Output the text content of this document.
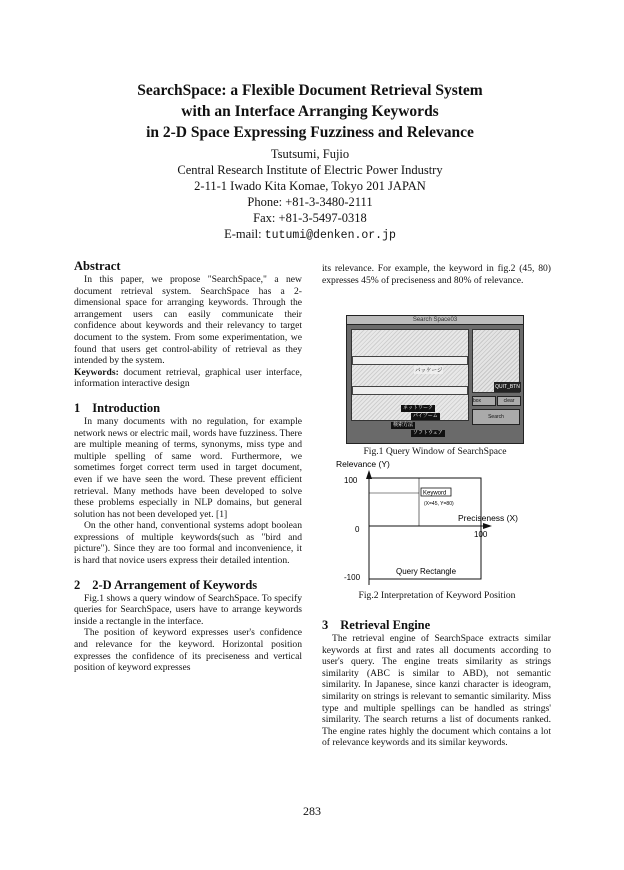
SearchSpace: a Flexible Document Retrieval System
with an Interface Arranging Keywords
in 2-D Space Expressing Fuzziness and Relevance
Tsutsumi, Fujio
Central Research Institute of Electric Power Industry
2-11-1 Iwado Kita Komae, Tokyo 201 JAPAN
Phone: +81-3-3480-2111
Fax: +81-3-5497-0318
E-mail: tutumi@denken.or.jp
Abstract

In this paper, we propose "SearchSpace," a new document retrieval system. SearchSpace has a 2-dimensional space for arranging keywords. Through the arrangement users can easily communicate their confidence about keywords and their relevancy to target document to the system. From some experimentation, we found that users get control-ability of retrieval as they intended by the system.

Keywords: document retrieval, graphical user interface, information interactive design

1 Introduction

In many documents with no regulation, for example network news or electric mail, words have fuzziness. There are multiple meaning of terms, synonyms, miss type and multiple spelling of same word. Furthermore, we sometimes forget correct term used in target document, even if we have seen the word. These prevent efficient retrieval. Many methods have been developed to solve these problems especially in NLP domains, but general solution has not been developed yet. [1]

On the other hand, conventional systems adopt boolean expressions of multiple keywords(such as "bird and picture"). Since they are too formal and inconvenience, it is hard that novice users express their detailed intention.

2 2-D Arrangement of Keywords

Fig.1 shows a query window of SearchSpace. To specify queries for SearchSpace, users have to arrange keywords inside a rectangle in the interface.

The position of keyword expresses user's confidence and relevance for the keyword. Horizontal position expresses the confidence of its preciseness and vertical position of keyword expresses

its relevance. For example, the keyword in fig.2 (45, 80) expresses 45% of preciseness and 80% of relevance.

Search Space03
パッケージ
QUIT_BTN
box	clear
Search
ネットワーク
パイプーム
検索方法
ソフトウェア
Fig.1 Query Window of SearchSpace
Keyword
(X=45, Y=80)
Relevance (Y)
Preciseness (X)
100
0
-100
100
Query Rectangle
Fig.2 Interpretation of Keyword Position
3 Retrieval Engine

The retrieval engine of SearchSpace extracts similar keywords at first and rates all documents according to user's query. The engine treats similarity as strings similarity (ABC is similar to ABD), not semantic similarity. In Japanese, since kanzi character is ideogram, similarity on strings is relevant to semantic similarity. Miss type and multiple spellings can be handled as strings' similarity. The search returns a list of documents ranked. The engine rates highly the document which contains a lot of relevance keywords and its similar keywords.

283
